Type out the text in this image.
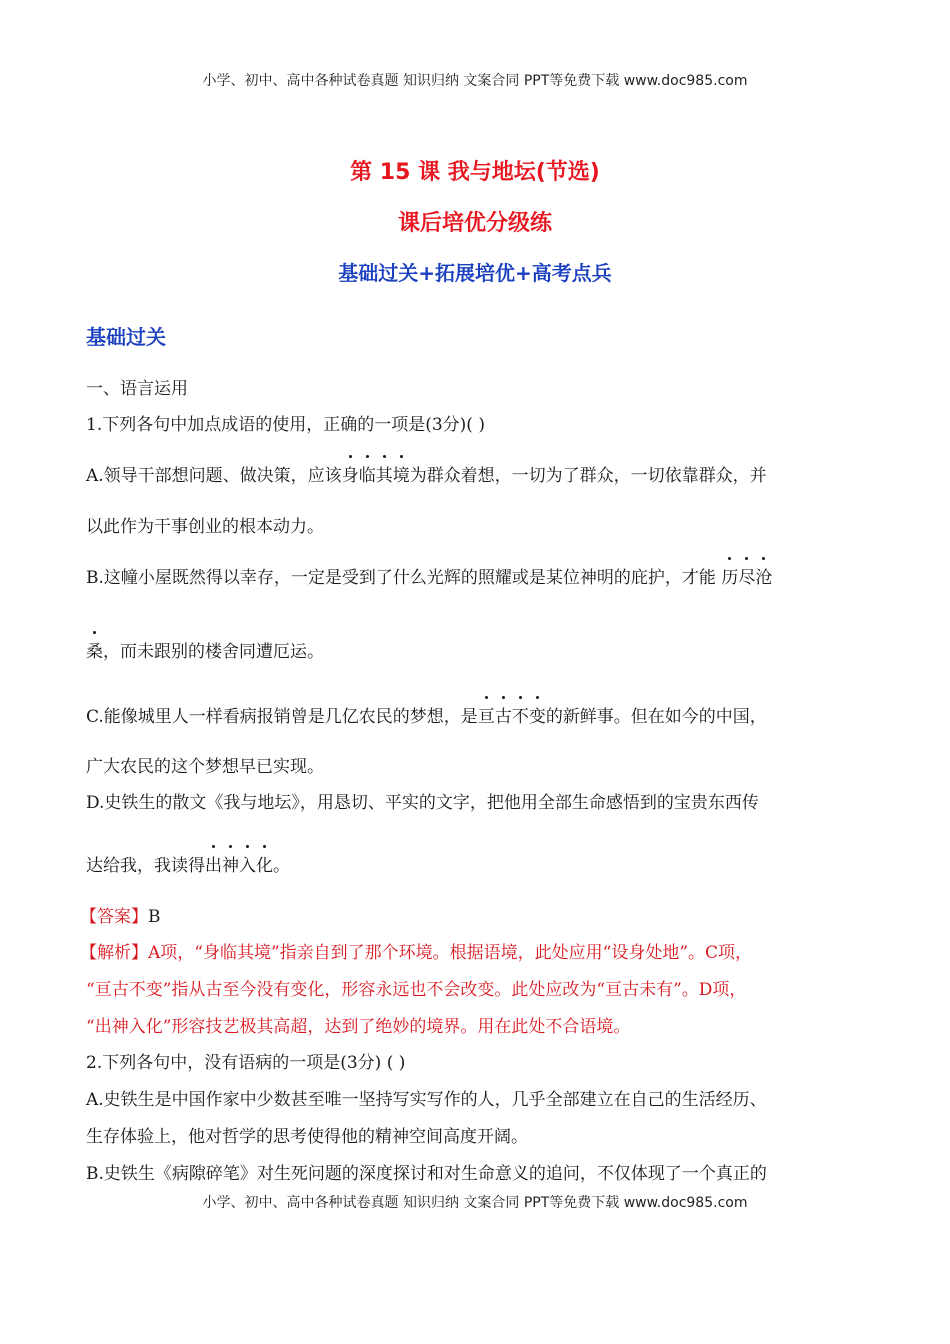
小学、初中、高中各种试卷真题 知识归纳 文案合同 PPT等免费下载 www.doc985.com
第 15 课 我与地坛(节选)
课后培优分级练
基础过关+拓展培优+高考点兵
基础过关
一、语言运用
1.下列各句中加点成语的使用，正确的一项是(3分)( )
A.领导干部想问题、做决策，应该身临其境为群众着想，一切为了群众，一切依靠群众，并
以此作为干事创业的根本动力。
B.这幢小屋既然得以幸存，一定是受到了什么光辉的照耀或是某位神明的庇护，才能 历尽沧
桑，而未跟别的楼舍同遭厄运。
C.能像城里人一样看病报销曾是几亿农民的梦想，是亘古不变的新鲜事。但在如今的中国，
广大农民的这个梦想早已实现。
D.史铁生的散文《我与地坛》，用恳切、平实的文字，把他用全部生命感悟到的宝贵东西传
达给我，我读得出神入化。
【答案】B
【解析】A项，“身临其境”指亲自到了那个环境。根据语境，此处应用“设身处地”。C项，
“亘古不变”指从古至今没有变化，形容永远也不会改变。此处应改为“亘古未有”。D项，
“出神入化”形容技艺极其高超，达到了绝妙的境界。用在此处不合语境。
2.下列各句中，没有语病的一项是(3分) ( )
A.史铁生是中国作家中少数甚至唯一坚持写实写作的人，几乎全部建立在自己的生活经历、
生存体验上，他对哲学的思考使得他的精神空间高度开阔。
B.史铁生《病隙碎笔》对生死问题的深度探讨和对生命意义的追问，不仅体现了一个真正的
小学、初中、高中各种试卷真题 知识归纳 文案合同 PPT等免费下载 www.doc985.com
